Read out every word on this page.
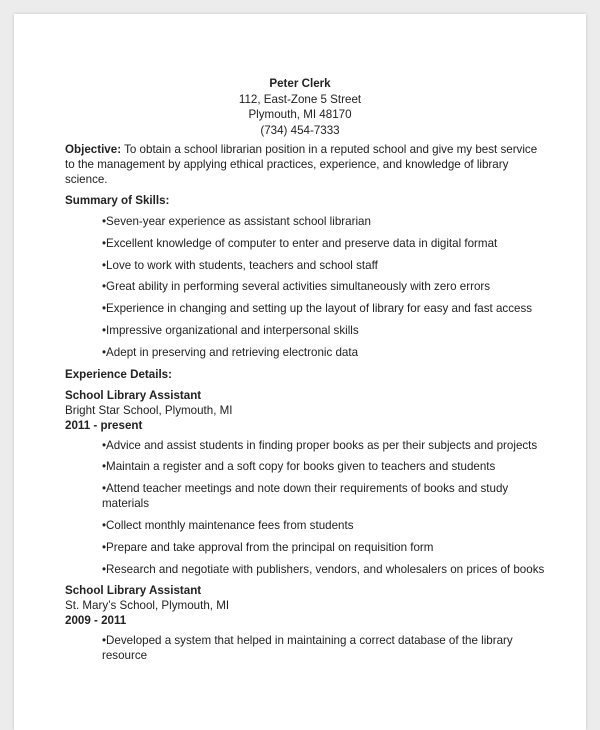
Peter Clerk
112, East-Zone 5 Street
Plymouth, MI 48170
(734) 454-7333

Objective: To obtain a school librarian position in a reputed school and give my best service to the management by applying ethical practices, experience, and knowledge of library science.

Summary of Skills:
•Seven-year experience as assistant school librarian
•Excellent knowledge of computer to enter and preserve data in digital format
•Love to work with students, teachers and school staff
•Great ability in performing several activities simultaneously with zero errors
•Experience in changing and setting up the layout of library for easy and fast access
•Impressive organizational and interpersonal skills
•Adept in preserving and retrieving electronic data
Experience Details:
School Library Assistant
Bright Star School, Plymouth, MI
2011 - present
•Advice and assist students in finding proper books as per their subjects and projects
•Maintain a register and a soft copy for books given to teachers and students
•Attend teacher meetings and note down their requirements of books and study materials
•Collect monthly maintenance fees from students
•Prepare and take approval from the principal on requisition form
•Research and negotiate with publishers, vendors, and wholesalers on prices of books
School Library Assistant
St. Mary’s School, Plymouth, MI
2009 - 2011
•Developed a system that helped in maintaining a correct database of the library resource
